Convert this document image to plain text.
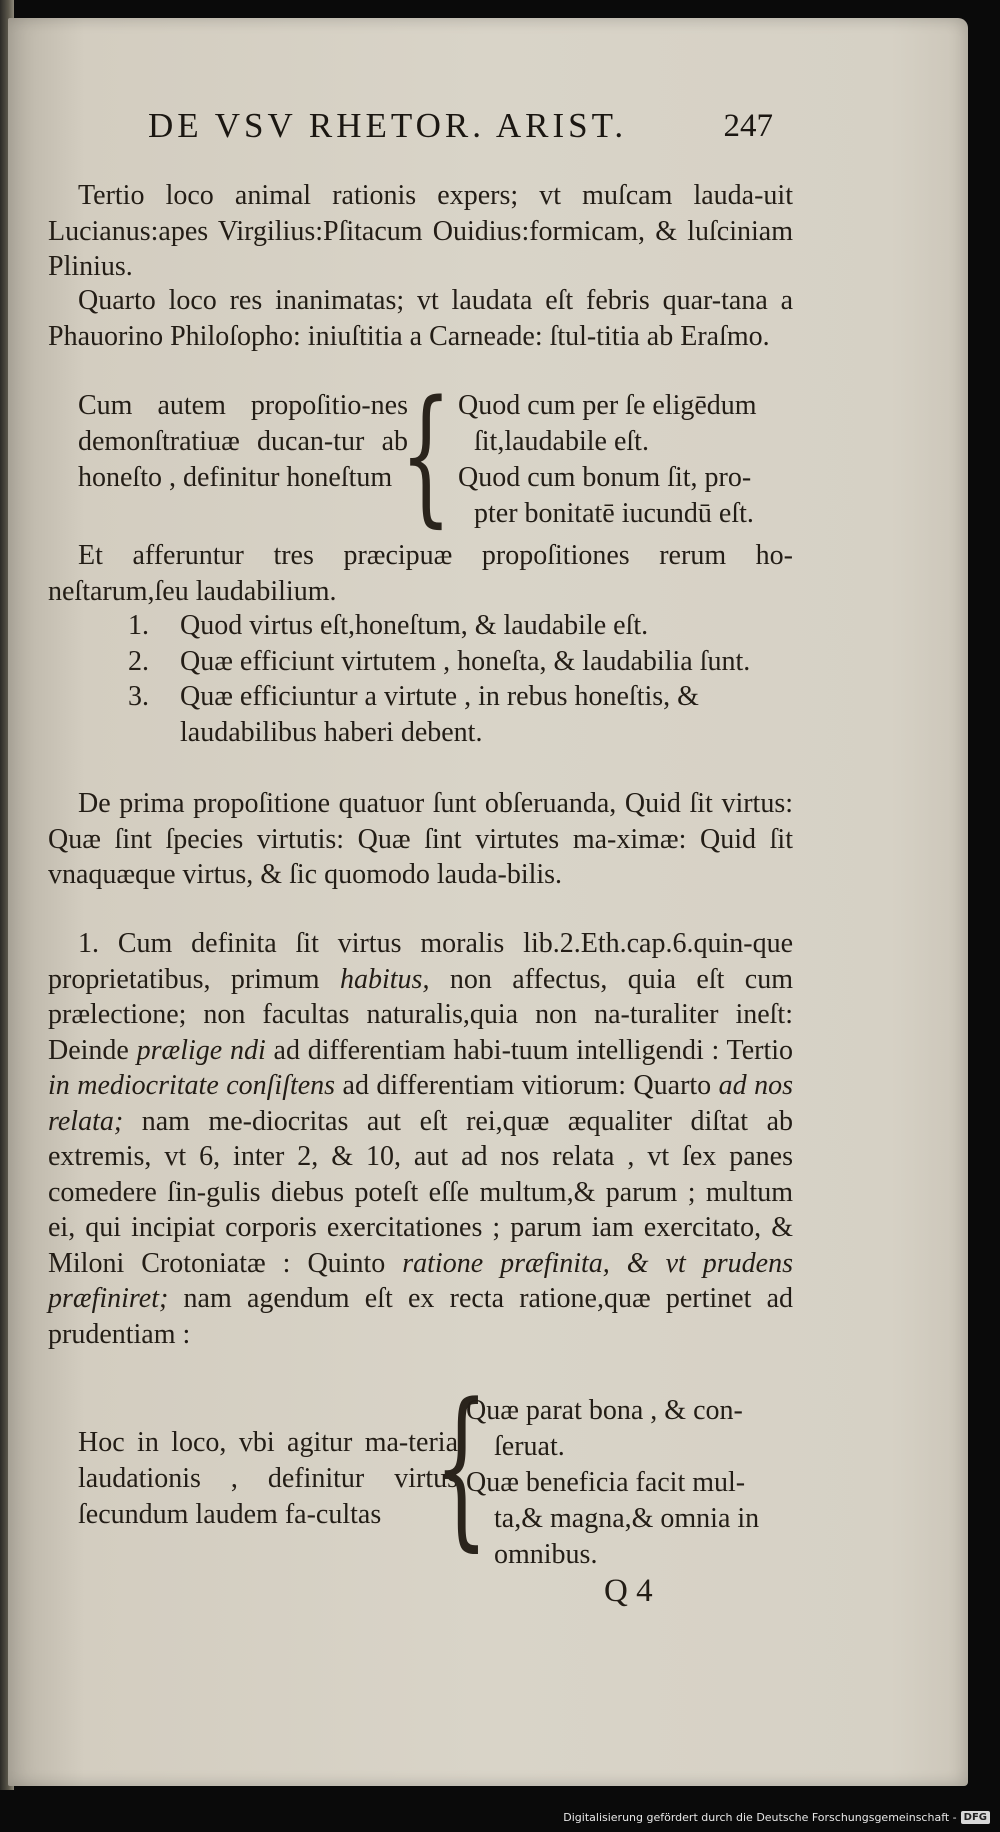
DE VSV RHETOR. ARIST.	247
Tertio loco animal rationis expers; vt muſcam lauda-uit Lucianus:apes Virgilius:Pſitacum Ouidius:formicam, & luſciniam Plinius.
Quarto loco res inanimatas; vt laudata eſt febris quar-tana a Phauorino Philoſopho: iniuſtitia a Carneade: ſtul-titia ab Eraſmo.
Cum autem propoſitio-nes demonſtratiuæ ducan-tur ab honeſto , definitur honeſtum { Quod cum per ſe eligēdum
ſit,laudabile eſt.
Quod cum bonum ſit, pro-
pter bonitatē iucundū eſt.
Et afferuntur tres præcipuæ propoſitiones rerum ho-neſtarum,ſeu laudabilium.
1. Quod virtus eſt,honeſtum, & laudabile eſt.
2. Quæ efficiunt virtutem , honeſta, & laudabilia ſunt.
3. Quæ efficiuntur a virtute , in rebus honeſtis, & laudabilibus haberi debent.
De prima propoſitione quatuor ſunt obſeruanda, Quid ſit virtus: Quæ ſint ſpecies virtutis: Quæ ſint virtutes ma-ximæ: Quid ſit vnaquæque virtus, & ſic quomodo lauda-bilis.
1. Cum definita ſit virtus moralis lib.2.Eth.cap.6.quin-que proprietatibus, primum habitus, non affectus, quia eſt cum prælectione; non facultas naturalis,quia non na-turaliter ineſt: Deinde prælige ndi ad differentiam habi-tuum intelligendi : Tertio in mediocritate conſiſtens ad differentiam vitiorum: Quarto ad nos relata; nam me-diocritas aut eſt rei,quæ æqualiter diſtat ab extremis, vt 6, inter 2, & 10, aut ad nos relata , vt ſex panes comedere ſin-gulis diebus poteſt eſſe multum,& parum ; multum ei, qui incipiat corporis exercitationes ; parum iam exercitato, & Miloni Crotoniatæ : Quinto ratione præfinita, & vt prudens præfiniret; nam agendum eſt ex recta ratione,quæ pertinet ad prudentiam :
Hoc in loco, vbi agitur ma-teria laudationis , definitur virtus ſecundum laudem fa-cultas {
Quæ parat bona , & con-
ſeruat.
Quæ beneficia facit mul-
ta,& magna,& omnia in
omnibus.
Q 4
Digitalisierung gefördert durch die Deutsche Forschungsgemeinschaft - DFG
